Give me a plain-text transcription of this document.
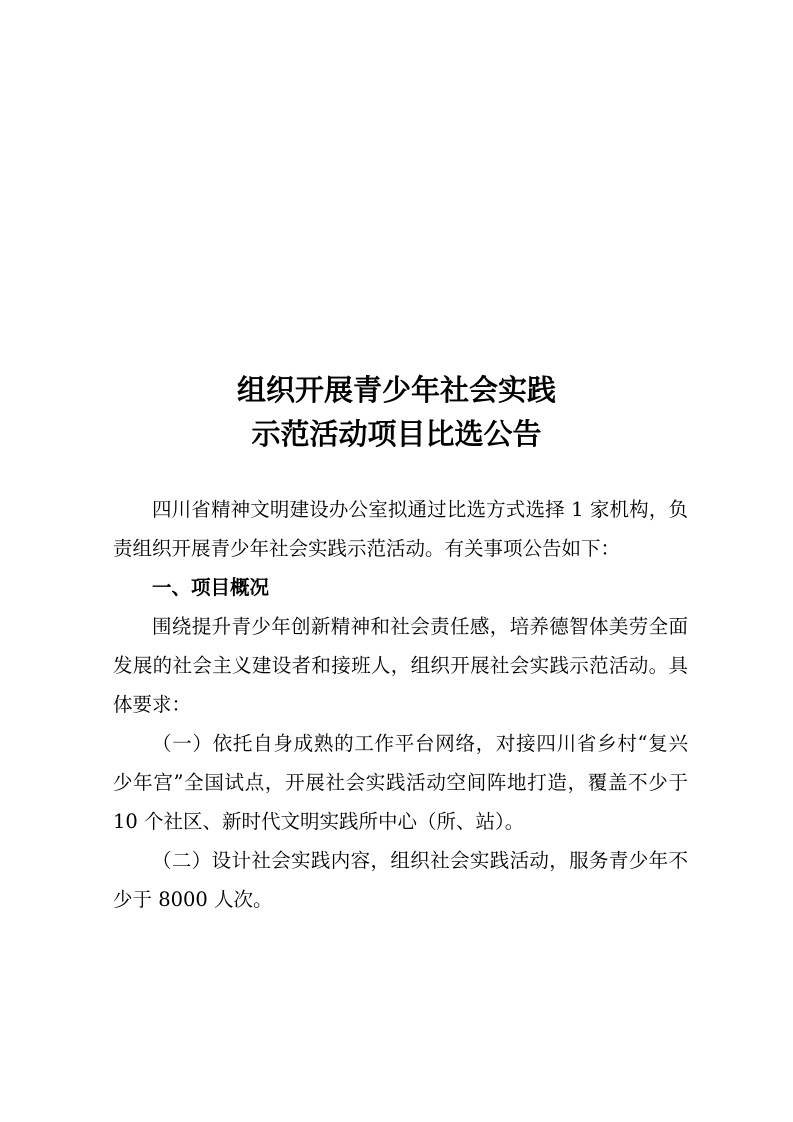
组织开展青少年社会实践
示范活动项目比选公告

四川省精神文明建设办公室拟通过比选方式选择 1 家机构，负责组织开展青少年社会实践示范活动。有关事项公告如下：

一、项目概况

围绕提升青少年创新精神和社会责任感，培养德智体美劳全面发展的社会主义建设者和接班人，组织开展社会实践示范活动。具体要求：

（一）依托自身成熟的工作平台网络，对接四川省乡村“复兴少年宫”全国试点，开展社会实践活动空间阵地打造，覆盖不少于 10 个社区、新时代文明实践所中心（所、站）。

（二）设计社会实践内容，组织社会实践活动，服务青少年不少于 8000 人次。
